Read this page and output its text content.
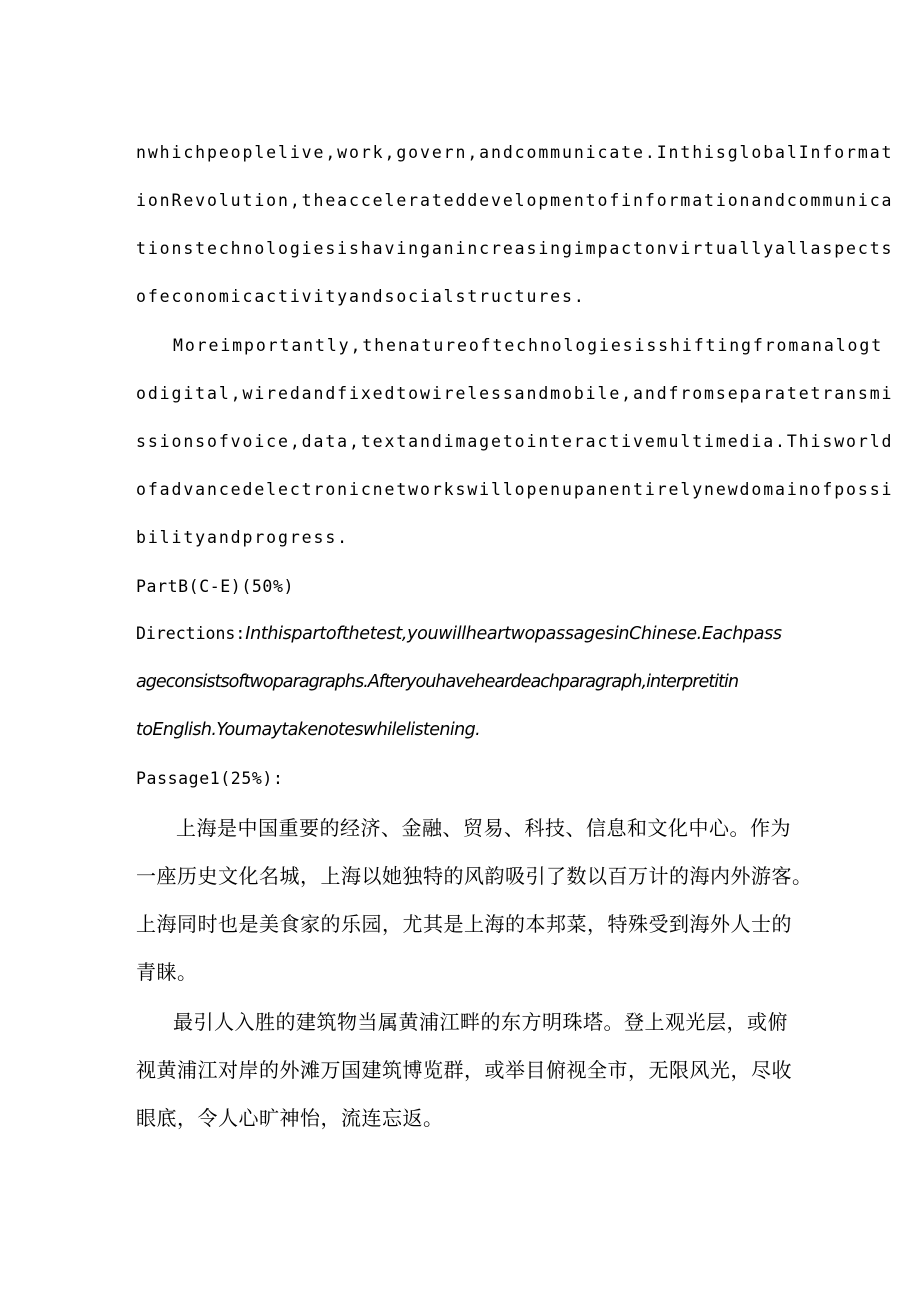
nwhichpeoplelive,work,govern,andcommunicate.InthisglobalInformat
ionRevolution,theaccelerateddevelopmentofinformationandcommunica
tionstechnologiesishavinganincreasingimpactonvirtuallyallaspects
ofeconomicactivityandsocialstructures.
Moreimportantly,thenatureoftechnologiesisshiftingfromanalogt
odigital,wiredandfixedtowirelessandmobile,andfromseparatetransmi
ssionsofvoice,data,textandimagetointeractivemultimedia.Thisworld
ofadvancedelectronicnetworkswillopenupanentirelynewdomainofpossi
bilityandprogress.
PartB(C-E)(50%)
Directions:Inthispartofthetest,youwillheartwopassagesinChinese.Eachpass
ageconsistsoftwoparagraphs.Afteryouhaveheardeachparagraph,interpretitin
toEnglish.Youmaytakenoteswhilelistening.
Passage1(25%):
上海是中国重要的经济、金融、贸易、科技、信息和文化中心。作为
一座历史文化名城，上海以她独特的风韵吸引了数以百万计的海内外游客。
上海同时也是美食家的乐园，尤其是上海的本邦菜，特殊受到海外人士的
青睐。
最引人入胜的建筑物当属黄浦江畔的东方明珠塔。登上观光层，或俯
视黄浦江对岸的外滩万国建筑博览群，或举目俯视全市，无限风光，尽收
眼底，令人心旷神怡，流连忘返。
